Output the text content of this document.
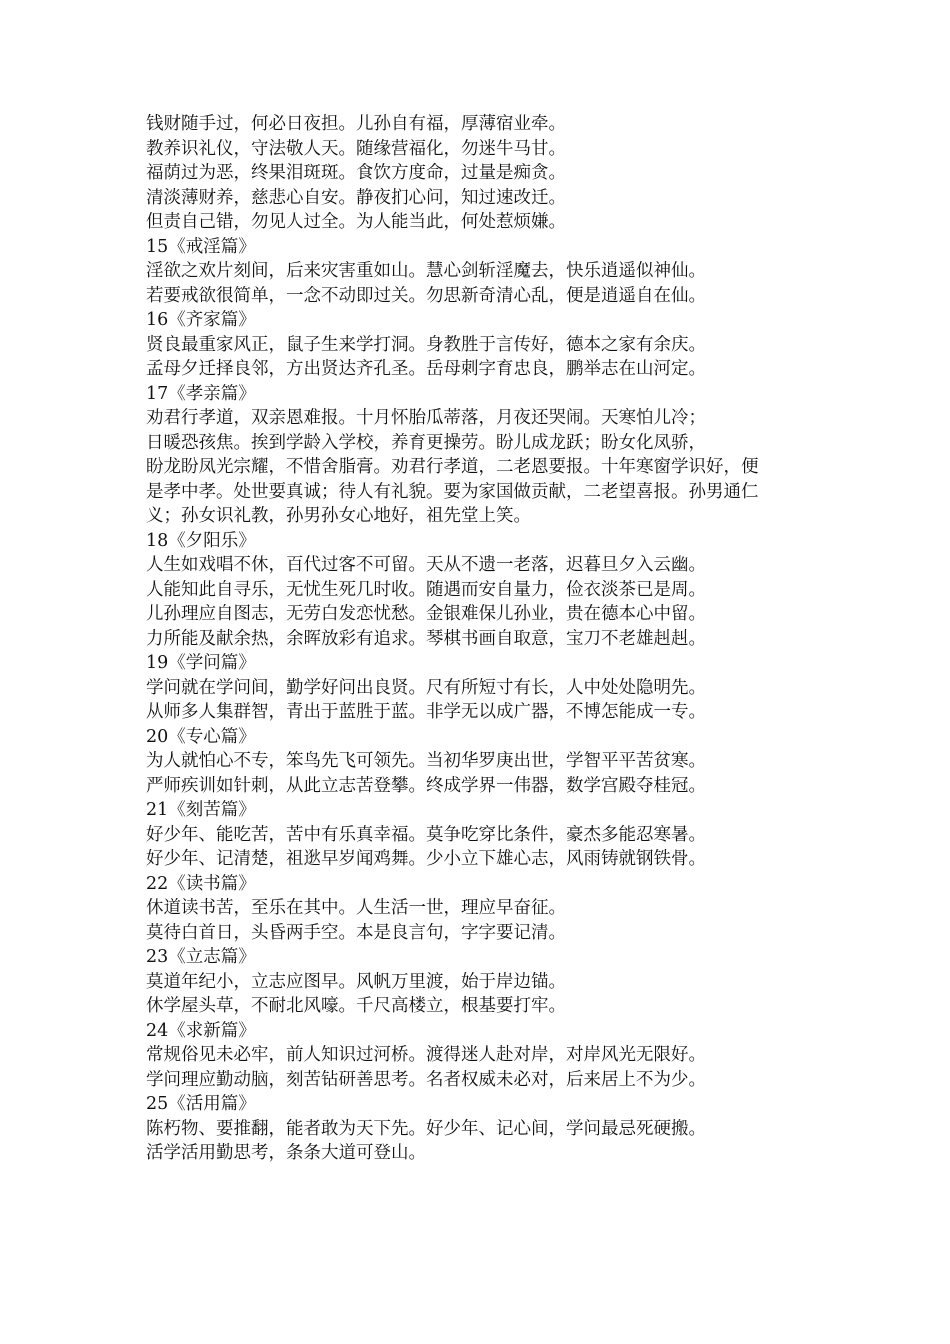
钱财随手过，何必日夜担。儿孙自有福，厚薄宿业牵。
教养识礼仪，守法敬人天。随缘营福化，勿迷牛马甘。
福荫过为恶，终果泪斑斑。食饮方度命，过量是痴贪。
清淡薄财养，慈悲心自安。静夜扪心问，知过速改迁。
但责自己错，勿见人过全。为人能当此，何处惹烦嫌。
15《戒淫篇》
淫欲之欢片刻间，后来灾害重如山。慧心剑斩淫魔去，快乐逍遥似神仙。
若要戒欲很简单，一念不动即过关。勿思新奇清心乱，便是逍遥自在仙。
16《齐家篇》
贤良最重家风正，鼠子生来学打洞。身教胜于言传好，德本之家有余庆。
孟母夕迁择良邻，方出贤达齐孔圣。岳母刺字育忠良，鹏举志在山河定。
17《孝亲篇》
劝君行孝道，双亲恩难报。十月怀胎瓜蒂落，月夜还哭闹。天寒怕儿冷；
日暖恐孩焦。挨到学龄入学校，养育更操劳。盼儿成龙跃；盼女化凤骄，
盼龙盼凤光宗耀，不惜舍脂膏。劝君行孝道，二老恩要报。十年寒窗学识好，便
是孝中孝。处世要真诚；待人有礼貌。要为家国做贡献，二老望喜报。孙男通仁
义；孙女识礼教，孙男孙女心地好，祖先堂上笑。
18《夕阳乐》
人生如戏唱不休，百代过客不可留。天从不遗一老落，迟暮旦夕入云幽。
人能知此自寻乐，无忧生死几时收。随遇而安自量力，俭衣淡茶已是周。
儿孙理应自图志，无劳白发恋忧愁。金银难保儿孙业，贵在德本心中留。
力所能及献余热，余晖放彩有追求。琴棋书画自取意，宝刀不老雄赳赳。
19《学问篇》
学问就在学问间，勤学好问出良贤。尺有所短寸有长，人中处处隐明先。
从师多人集群智，青出于蓝胜于蓝。非学无以成广器，不博怎能成一专。
20《专心篇》
为人就怕心不专，笨鸟先飞可领先。当初华罗庚出世，学智平平苦贫寒。
严师疾训如针刺，从此立志苦登攀。终成学界一伟器，数学宫殿夺桂冠。
21《刻苦篇》
好少年、能吃苦，苦中有乐真幸福。莫争吃穿比条件，豪杰多能忍寒暑。
好少年、记清楚，祖逖早岁闻鸡舞。少小立下雄心志，风雨铸就钢铁骨。
22《读书篇》
休道读书苦，至乐在其中。人生活一世，理应早奋征。
莫待白首日，头昏两手空。本是良言句，字字要记清。
23《立志篇》
莫道年纪小，立志应图早。风帆万里渡，始于岸边锚。
休学屋头草，不耐北风嚎。千尺高楼立，根基要打牢。
24《求新篇》
常规俗见未必牢，前人知识过河桥。渡得迷人赴对岸，对岸风光无限好。
学问理应勤动脑，刻苦钻研善思考。名者权威未必对，后来居上不为少。
25《活用篇》
陈朽物、要推翻，能者敢为天下先。好少年、记心间，学问最忌死硬搬。
活学活用勤思考，条条大道可登山。
